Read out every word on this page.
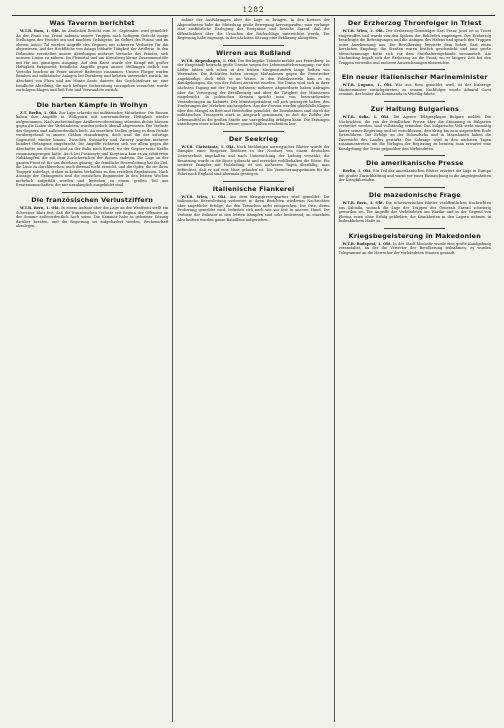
1282
Was Tavernn berichtet

W.T.B. Rom, 1. Okt. Im Amtlichen Bericht vom 30. September wird gemeldet: An der Front von Trient nahmen unsere Truppen nach heftigem Gefecht einige Stellungen des Feindes ein und machten Gefangene. Im Gebiet des Posina und im oberen Astico Tal wurden Angriffe des Gegners mit schweren Verlusten für ihn abgewiesen. Auf der Hochfläche von Asiago lebhafte Tätigkeit der Artillerie. In den Dolomiten vereitelten unsere Abteilungen mehrere Versuche des Feindes, sich unseren Linien zu nähern. Im Fleimstal und am Kreuzberg kleine Zusammenstöße mit für uns günstigem Ausgang. Auf dem Karst wurde der Kampf mit großer Heftigkeit fortgesetzt; feindliche Angriffe gegen unsere Stellungen östlich von Vertoiba brachen im Feuer unserer Batterien zusammen. Unsere Flieger warfen Bomben auf militärische Anlagen bei Dornberg und kehrten unversehrt zurück. Im Abschnitt von Plava und am Monte Santo dauerte das Geschützfeuer an; eine feindliche Abteilung, die nach heftiger Vorbereitung vorzugehen versuchte, wurde zurückgeschlagen und ließ Tote und Verwundete zurück.

Die harten Kämpfe in Wolhyn

Z.T. Berlin, 1. Okt. Zur Lage schreibt ein militärischer Mitarbeiter: Die Russen haben ihre Angriffe in Wolhynien mit unverminderter Heftigkeit wieder aufgenommen. Nach mehrstündiger Artillerievorbereitung stürmten dichte Massen gegen die Linien der Verbündeten, wurden jedoch überall abgewiesen. Die Verluste des Gegners sind außerordentlich hoch. An einzelnen Stellen gelang es dem Feinde vorübergehend in unsere Gräben einzudringen, doch warf ihn der sofortige Gegenstoß wieder hinaus. Zwischen Swiniuchy und Zaturcy wurden mehrere hundert Gefangene eingebracht. Die Angriffe richteten sich vor allem gegen die Abschnitte am Stochod und an der Bahn nach Kowel, wo der Gegner seine Kräfte zusammengezogen hatte. Auch bei Pustomyty und Korytnica kam es zu erbitterten Nahkämpfen, die mit dem Zurückweichen der Russen endeten. Die Lage an der ganzen Front ist für uns durchaus günstig; die feindliche Heeresleitung hat ihr Ziel, die Linie zu durchbrechen, auch diesmal nicht erreicht, und die Opfer, die sie ihren Truppen auferlegt, stehen in keinem Verhältnis zu den erzielten Ergebnissen. Nach Aussage der Gefangenen sind die russischen Regimenter in den letzten Wochen mehrfach aufgefüllt worden und bestehen zu einem großen Teil aus Ersatzmannschaften, die nur unzulänglich ausgebildet sind.

Die französischen Verlustziffern

W.T.B. Bern, 1. Okt. In einem Aufsatz über die Lage an der Westfront stellt ein Schweizer Blatt fest, daß die französischen Verluste seit Beginn der Offensive an der Somme außerordentlich hoch seien. Die Kammer habe in geheimer Sitzung darüber beraten, und die Regierung sei aufgefordert worden, Rechenschaft abzulegen.

nahme der Ausführungen über die Lage zu bringen. In den Kreisen der Abgeordneten habe die Mitteilung große Bewegung hervorgerufen; man verlange eine ausführliche Darlegung der Ereignisse und bestehe darauf, daß die Öffentlichkeit über die Ursachen der Rückschläge unterrichtet werde. Die Regierung habe zugesagt, in der nächsten Sitzung eine Erklärung abzugeben.

Wirren aus Rußland

W.T.B. Kopenhagen, 1. Okt. Die Berlingske Tidende meldet aus Petersburg: In der Hauptstadt herrscht große Unruhe wegen der Lebensmittelversorgung; vor den Läden bilden sich schon in den frühen Morgenstunden lange Reihen von Wartenden. Die Behörden haben strenge Maßnahmen gegen die Preistreiber angekündigt, doch fehlt es an Waren. In den Fabrikvierteln kam es zu Kundgebungen, die von der Polizei zerstreut wurden. Die Duma wird sich in ihrer nächsten Tagung mit der Frage befassen; mehrere Abgeordnete haben Anfragen über die Versorgung der Bevölkerung und über die Tätigkeit der Ministerien eingebracht. In politischen Kreisen spricht man von bevorstehenden Veränderungen im Kabinett. Der Ministerpräsident soll sich geweigert haben, den Forderungen der Mehrheit nachzugeben. Aus der Provinz werden gleichfalls Klagen über den Mangel an Brot und Heizstoffen gemeldet; die Eisenbahnen sind durch die militärischen Transporte stark in Anspruch genommen, so daß die Zufuhr der Lebensmittel in die großen Städte nur unregelmäßig erfolgen kann. Die Zeitungen unterliegen einer scharfen Zensur; ganze Spalten erscheinen leer.

Der Seekrieg

W.T.B. Christiania, 1. Okt. Nach Meldungen norwegischer Blätter wurde der Dampfer einer Bergener Reederei in der Nordsee von einem deutschen Unterseeboot angehalten und nach Untersuchung der Ladung versenkt; die Besatzung wurde in die Boote gebracht und erreichte wohlbehalten die Küste. Ein weiterer Dampfer mit Holzladung ist seit mehreren Tagen überfällig; man befürchtet, daß er auf eine Mine gelaufen ist. Die Versicherungsprämien für die Fahrt nach England sind abermals gestiegen.

Italienische Flankerei

W.T.B. Wien, 1. Okt. Aus dem Kriegspressequartier wird gemeldet: Die italienische Heeresleitung verbreitet in ihren Berichten wiederum Nachrichten über angebliche Erfolge, die den Tatsachen nicht entsprechen. Die Orte, deren Eroberung gemeldet wird, befinden sich nach wie vor fest in unserer Hand. Die Verluste der Italiener in den letzten Kämpfen sind sehr bedeutend; an einzelnen Abschnitten wurden ganze Bataillone aufgerieben.

Der Erzherzog Thronfolger in Triest

W.T.B. Wien, 1. Okt. Der Erzherzog-Thronfolger Karl Franz Josef ist in Triest eingetroffen und wurde von den Spitzen der Behörden empfangen. Der Erzherzog besichtigte die Befestigungen und die Anlagen des Hafens und sprach den Truppen seine Anerkennung aus. Die Bevölkerung bereitete dem hohen Gast einen herzlichen Empfang; die Straßen waren festlich geschmückt und eine große Menschenmenge hatte sich vor dem Statthaltereigebäude versammelt. Am Nachmittag begab sich der Erzherzog an die Front, wo er längere Zeit bei den Truppen verweilte und mehrere Auszeichnungen überreichte.

Ein neuer italienischer Marineminister

W.T.B. Lugano, 1. Okt. Wie aus Rom gemeldet wird, ist der bisherige Marineminister zurückgetreten; zu seinem Nachfolger wurde Admiral Corsi ernannt, der bisher das Kommando in Venedig führte.

Zur Haltung Bulgariens

W.T.B. Sofia, 1. Okt. Die Agence Télégraphique Bulgare meldet: Die Nachrichten, die von der feindlichen Presse über die Stimmung in Bulgarien verbreitet werden, sind vollständig erfunden. Das bulgarische Volk steht einmütig hinter seiner Regierung und ist entschlossen, den Krieg bis zum siegreichen Ende fortzuführen. Die Erfolge an der Dobrudscha und in Mazedonien haben die Zuversicht des Landes gestärkt. Die Sobranje wird in den nächsten Tagen zusammentreten, um die Vorlagen der Regierung zu beraten; man erwartet eine Kundgebung der Treue gegenüber den Verbündeten.

Die amerikanische Presse

Berlin, 1. Okt. Ein Teil der amerikanischen Blätter erörtert die Lage in Europa mit großer Zurückhaltung und warnt vor einer Einmischung in die Angelegenheiten der Kriegführenden.

Die mazedonische Frage

W.T.B. Bern, 1. Okt. Die schweizerischen Blätter veröffentlichen Nachrichten aus Saloniki, wonach die Lage der Truppen des Generals Sarrail schwierig geworden sei. Die Angriffe der Verbündeten am Wardar und in der Gegend von Florina seien ohne Erfolg geblieben; die Krankheiten in den Lagern nehmen in bedenklichem Maße zu.

Kriegsbegeisterung in Makedonien

W.T.B. Budapest, 1. Okt. In der Stadt Monastir wurde eine große Kundgebung veranstaltet, an der die Vertreter der Bevölkerung teilnahmen; es wurden Telegramme an die Herrscher der verbündeten Staaten gesandt.
